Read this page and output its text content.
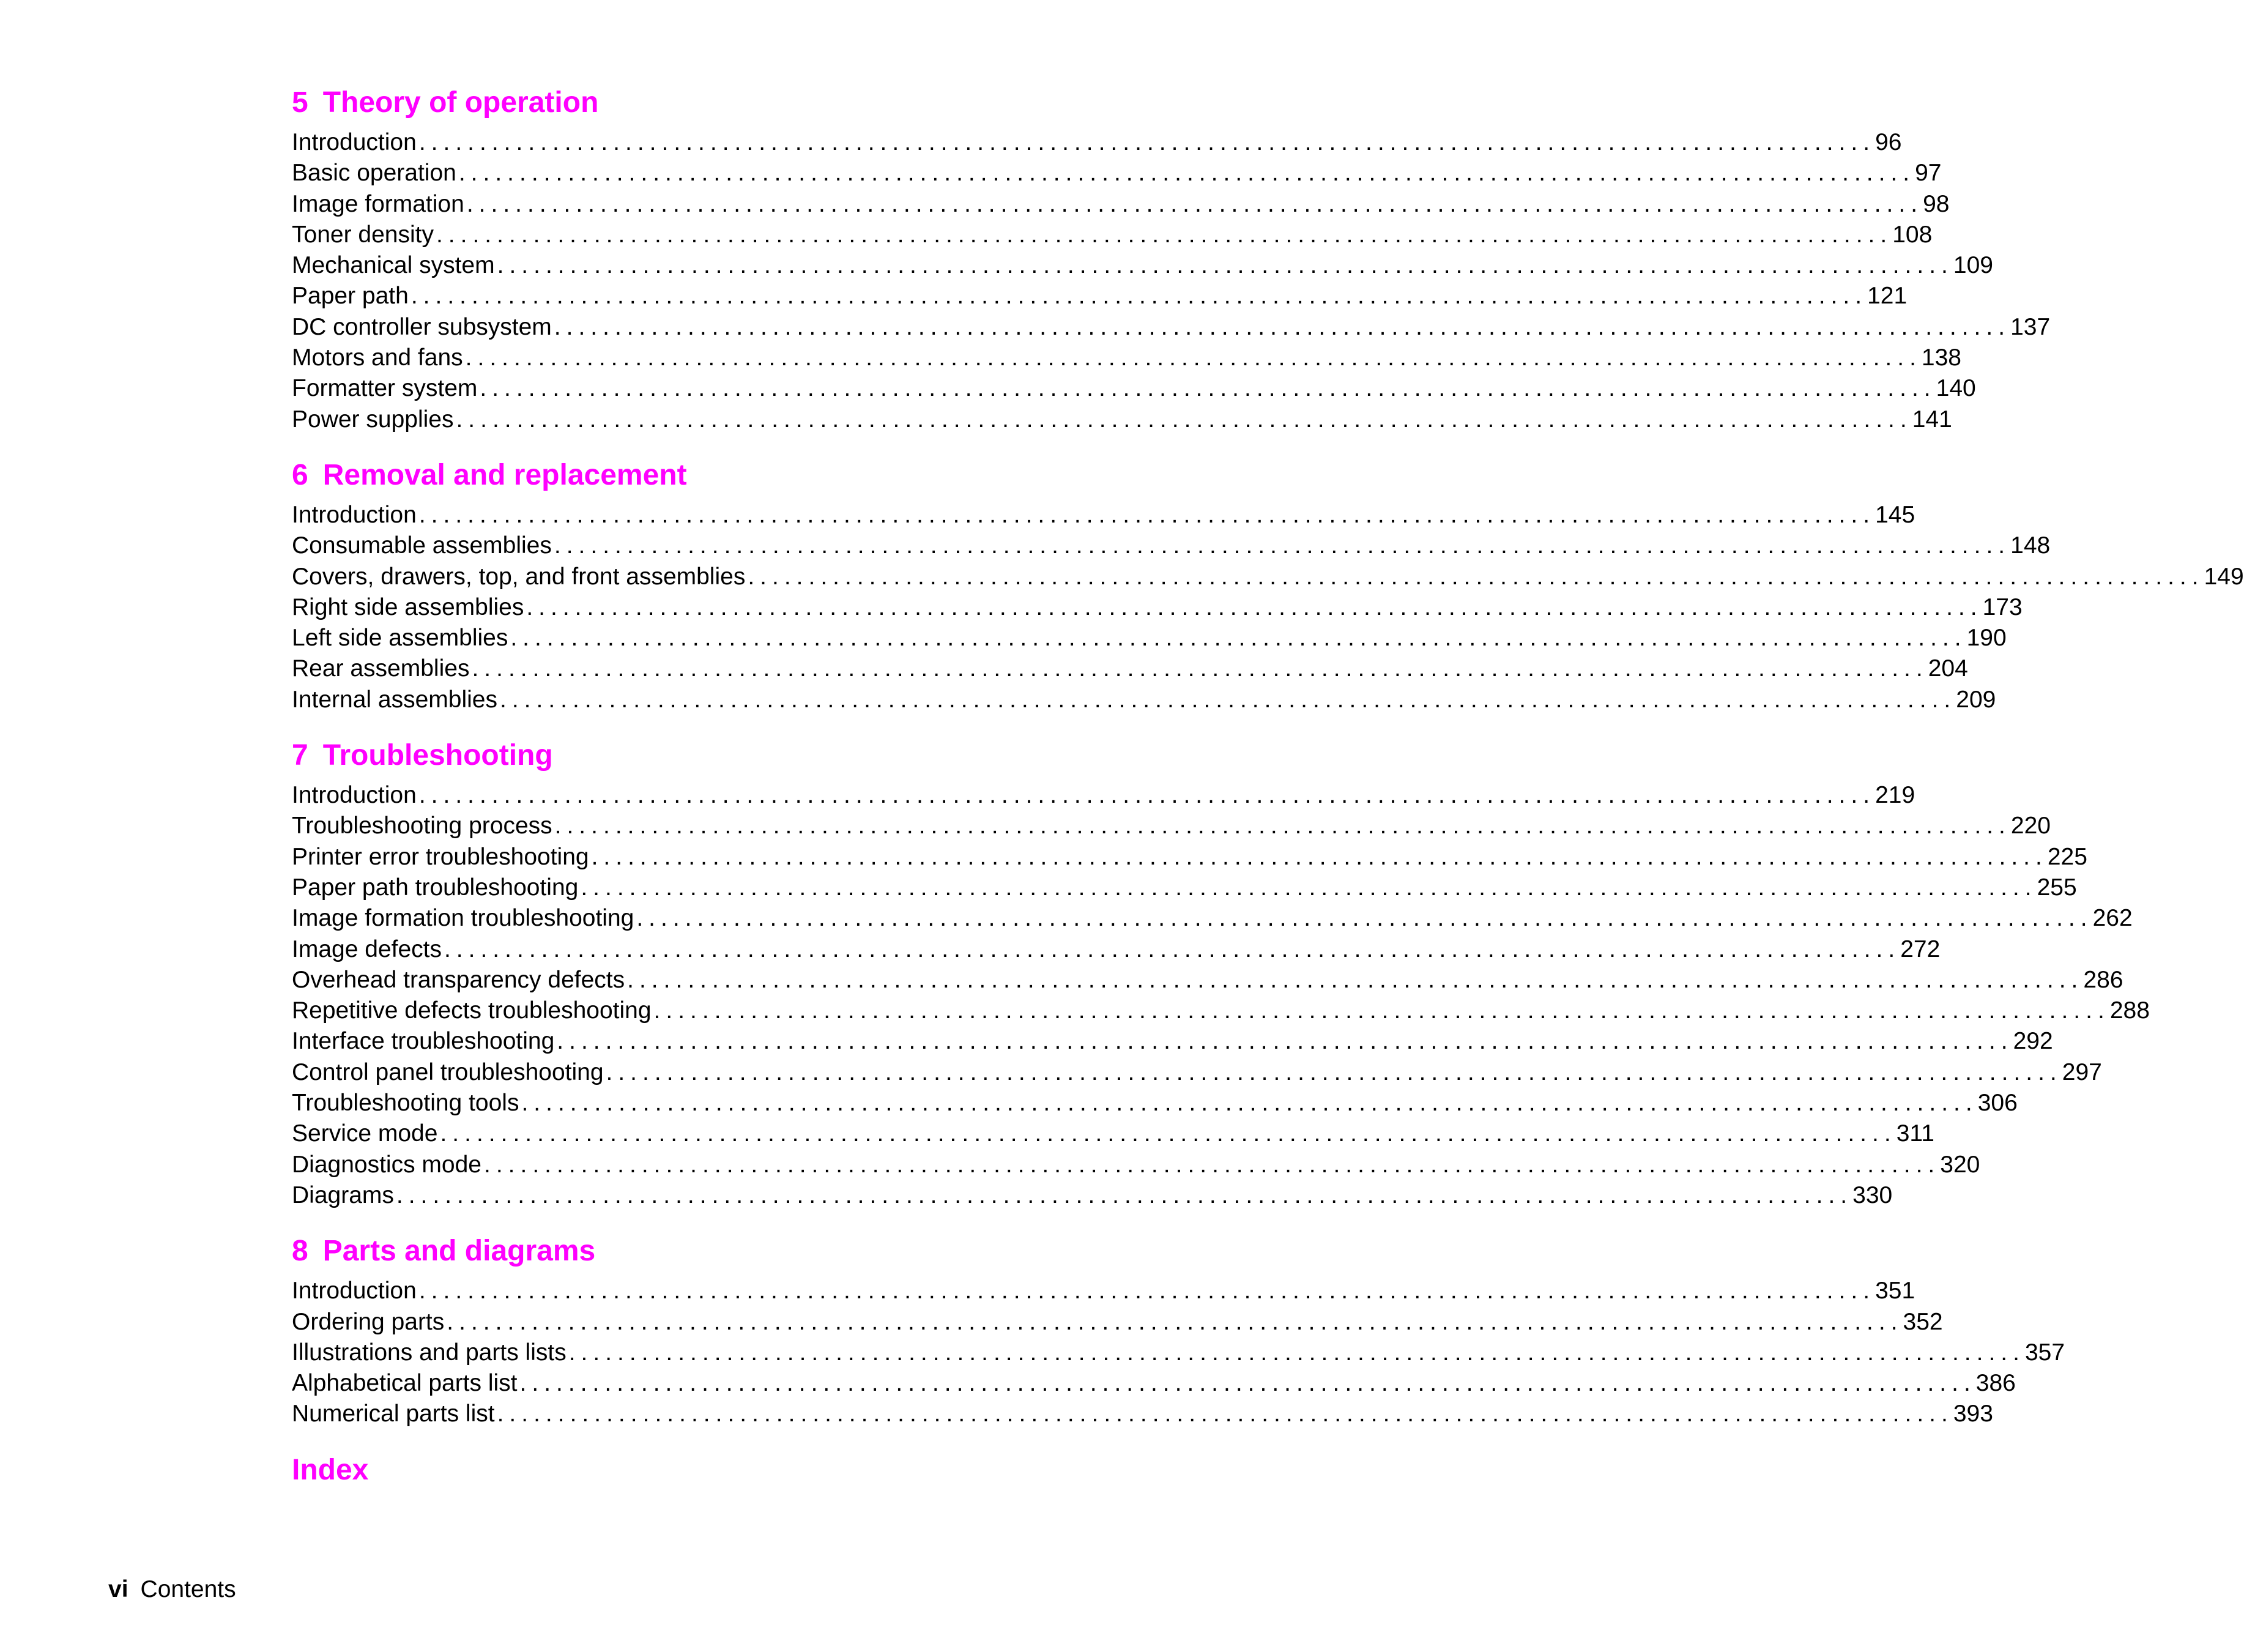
5 Theory of operation
Introduction ........................................................................................................................ 96
Basic operation ........................................................................................................................ 97
Image formation ........................................................................................................................ 98
Toner density ........................................................................................................................ 108
Mechanical system ........................................................................................................................ 109
Paper path ........................................................................................................................ 121
DC controller subsystem ........................................................................................................................ 137
Motors and fans ........................................................................................................................ 138
Formatter system ........................................................................................................................ 140
Power supplies ........................................................................................................................ 141
6 Removal and replacement
Introduction ........................................................................................................................ 145
Consumable assemblies ........................................................................................................................ 148
Covers, drawers, top, and front assemblies ........................................................................................................................ 149
Right side assemblies ........................................................................................................................ 173
Left side assemblies ........................................................................................................................ 190
Rear assemblies ........................................................................................................................ 204
Internal assemblies ........................................................................................................................ 209
7 Troubleshooting
Introduction ........................................................................................................................ 219
Troubleshooting process ........................................................................................................................ 220
Printer error troubleshooting ........................................................................................................................ 225
Paper path troubleshooting ........................................................................................................................ 255
Image formation troubleshooting ........................................................................................................................ 262
Image defects ........................................................................................................................ 272
Overhead transparency defects ........................................................................................................................ 286
Repetitive defects troubleshooting ........................................................................................................................ 288
Interface troubleshooting ........................................................................................................................ 292
Control panel troubleshooting ........................................................................................................................ 297
Troubleshooting tools ........................................................................................................................ 306
Service mode ........................................................................................................................ 311
Diagnostics mode ........................................................................................................................ 320
Diagrams ........................................................................................................................ 330
8 Parts and diagrams
Introduction ........................................................................................................................ 351
Ordering parts ........................................................................................................................ 352
Illustrations and parts lists ........................................................................................................................ 357
Alphabetical parts list ........................................................................................................................ 386
Numerical parts list ........................................................................................................................ 393
Index
vi Contents
